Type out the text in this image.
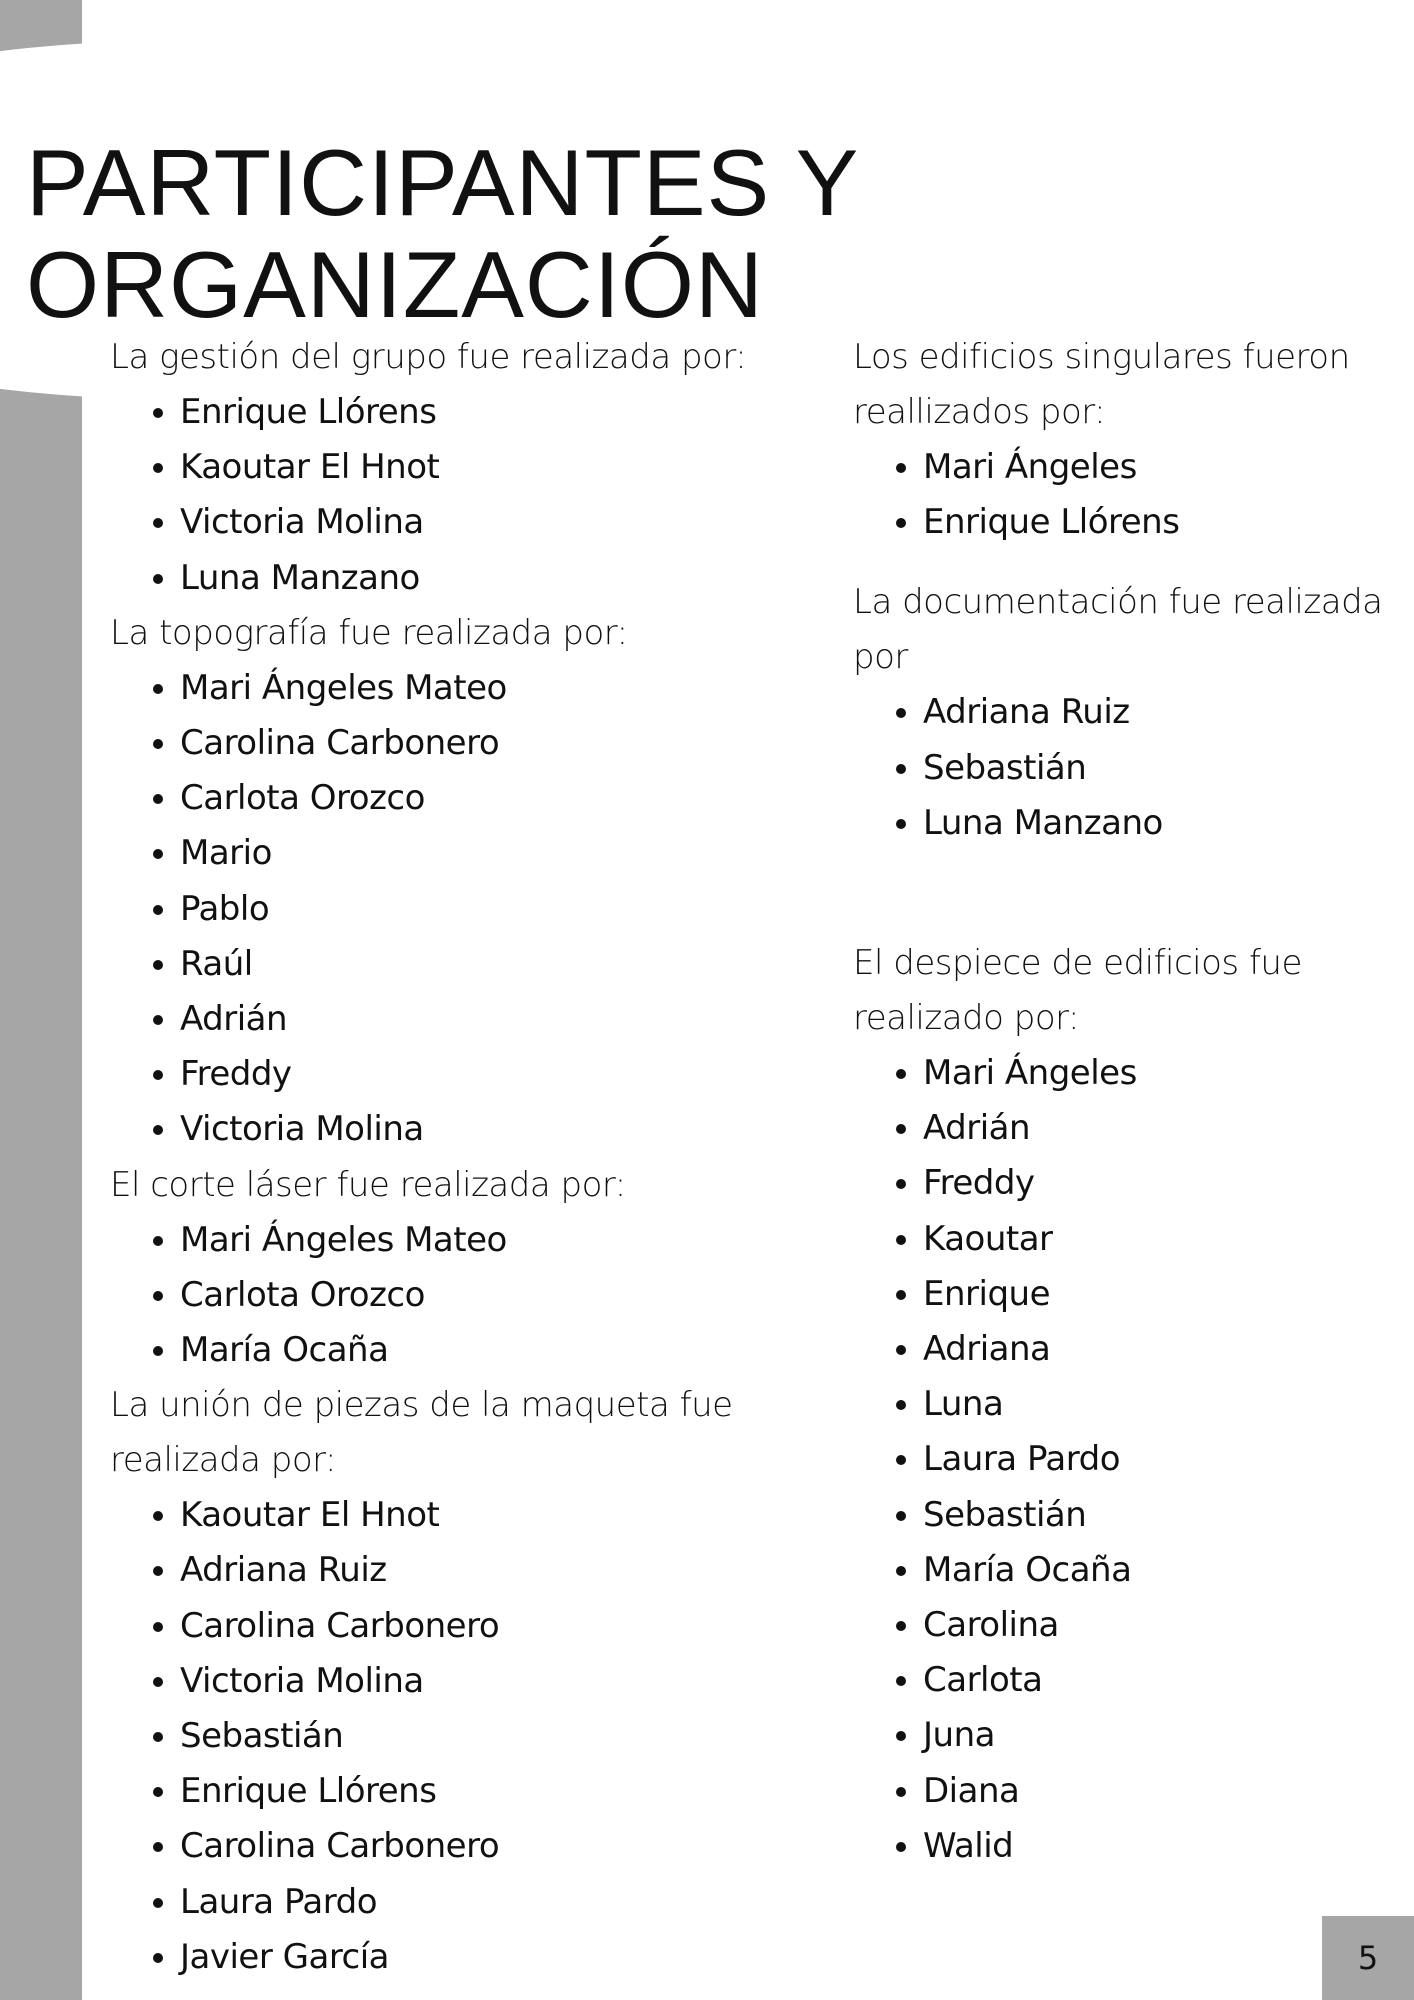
PARTICIPANTES Y
ORGANIZACIÓN

La gestión del grupo fue realizada por:

• Enrique Llórens
• Kaoutar El Hnot
• Victoria Molina
• Luna Manzano

La topografía fue realizada por:

• Mari Ángeles Mateo
• Carolina Carbonero
• Carlota Orozco
• Mario
• Pablo
• Raúl
• Adrián
• Freddy
• Victoria Molina

El corte láser fue realizada por:

• Mari Ángeles Mateo
• Carlota Orozco
• María Ocaña

La unión de piezas de la maqueta fue realizada por:

• Kaoutar El Hnot
• Adriana Ruiz
• Carolina Carbonero
• Victoria Molina
• Sebastián
• Enrique Llórens
• Carolina Carbonero
• Laura Pardo
• Javier García

Los edificios singulares fueron reallizados por:

• Mari Ángeles
• Enrique Llórens

La documentación fue realizada por

• Adriana Ruiz
• Sebastián
• Luna Manzano

El despiece de edificios fue realizado por:

• Mari Ángeles
• Adrián
• Freddy
• Kaoutar
• Enrique
• Adriana
• Luna
• Laura Pardo
• Sebastián
• María Ocaña
• Carolina
• Carlota
• Juna
• Diana
• Walid
5
